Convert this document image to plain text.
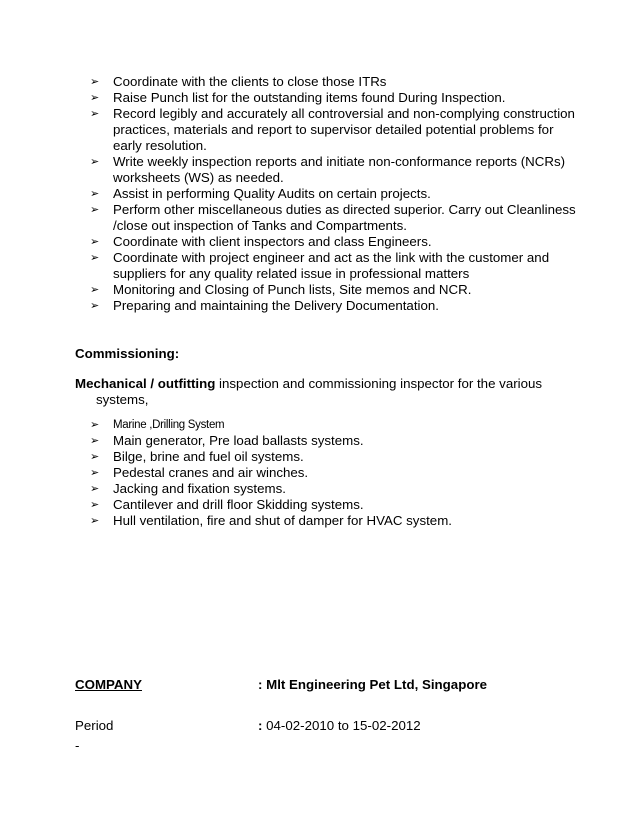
➢ Coordinate with the clients to close those ITRs
➢ Raise Punch list for the outstanding items found During Inspection.
➢ Record legibly and accurately all controversial and non-complying construction practices, materials and report to supervisor detailed potential problems for early resolution.
➢ Write weekly inspection reports and initiate non-conformance reports (NCRs) worksheets (WS) as needed.
➢ Assist in performing Quality Audits on certain projects.
➢ Perform other miscellaneous duties as directed superior. Carry out Cleanliness /close out inspection of Tanks and Compartments.
➢ Coordinate with client inspectors and class Engineers.
➢ Coordinate with project engineer and act as the link with the customer and suppliers for any quality related issue in professional matters
➢ Monitoring and Closing of Punch lists, Site memos and NCR.
➢ Preparing and maintaining the Delivery Documentation.
Commissioning:
Mechanical / outfitting inspection and commissioning inspector for the various
systems,
➢ Marine ,Drilling System
➢ Main generator, Pre load ballasts systems.
➢ Bilge, brine and fuel oil systems.
➢ Pedestal cranes and air winches.
➢ Jacking and fixation systems.
➢ Cantilever and drill floor Skidding systems.
➢ Hull ventilation, fire and shut of damper for HVAC system.
COMPANY	: Mlt Engineering Pet Ltd, Singapore
Period	: 04-02-2010 to 15-02-2012
-
